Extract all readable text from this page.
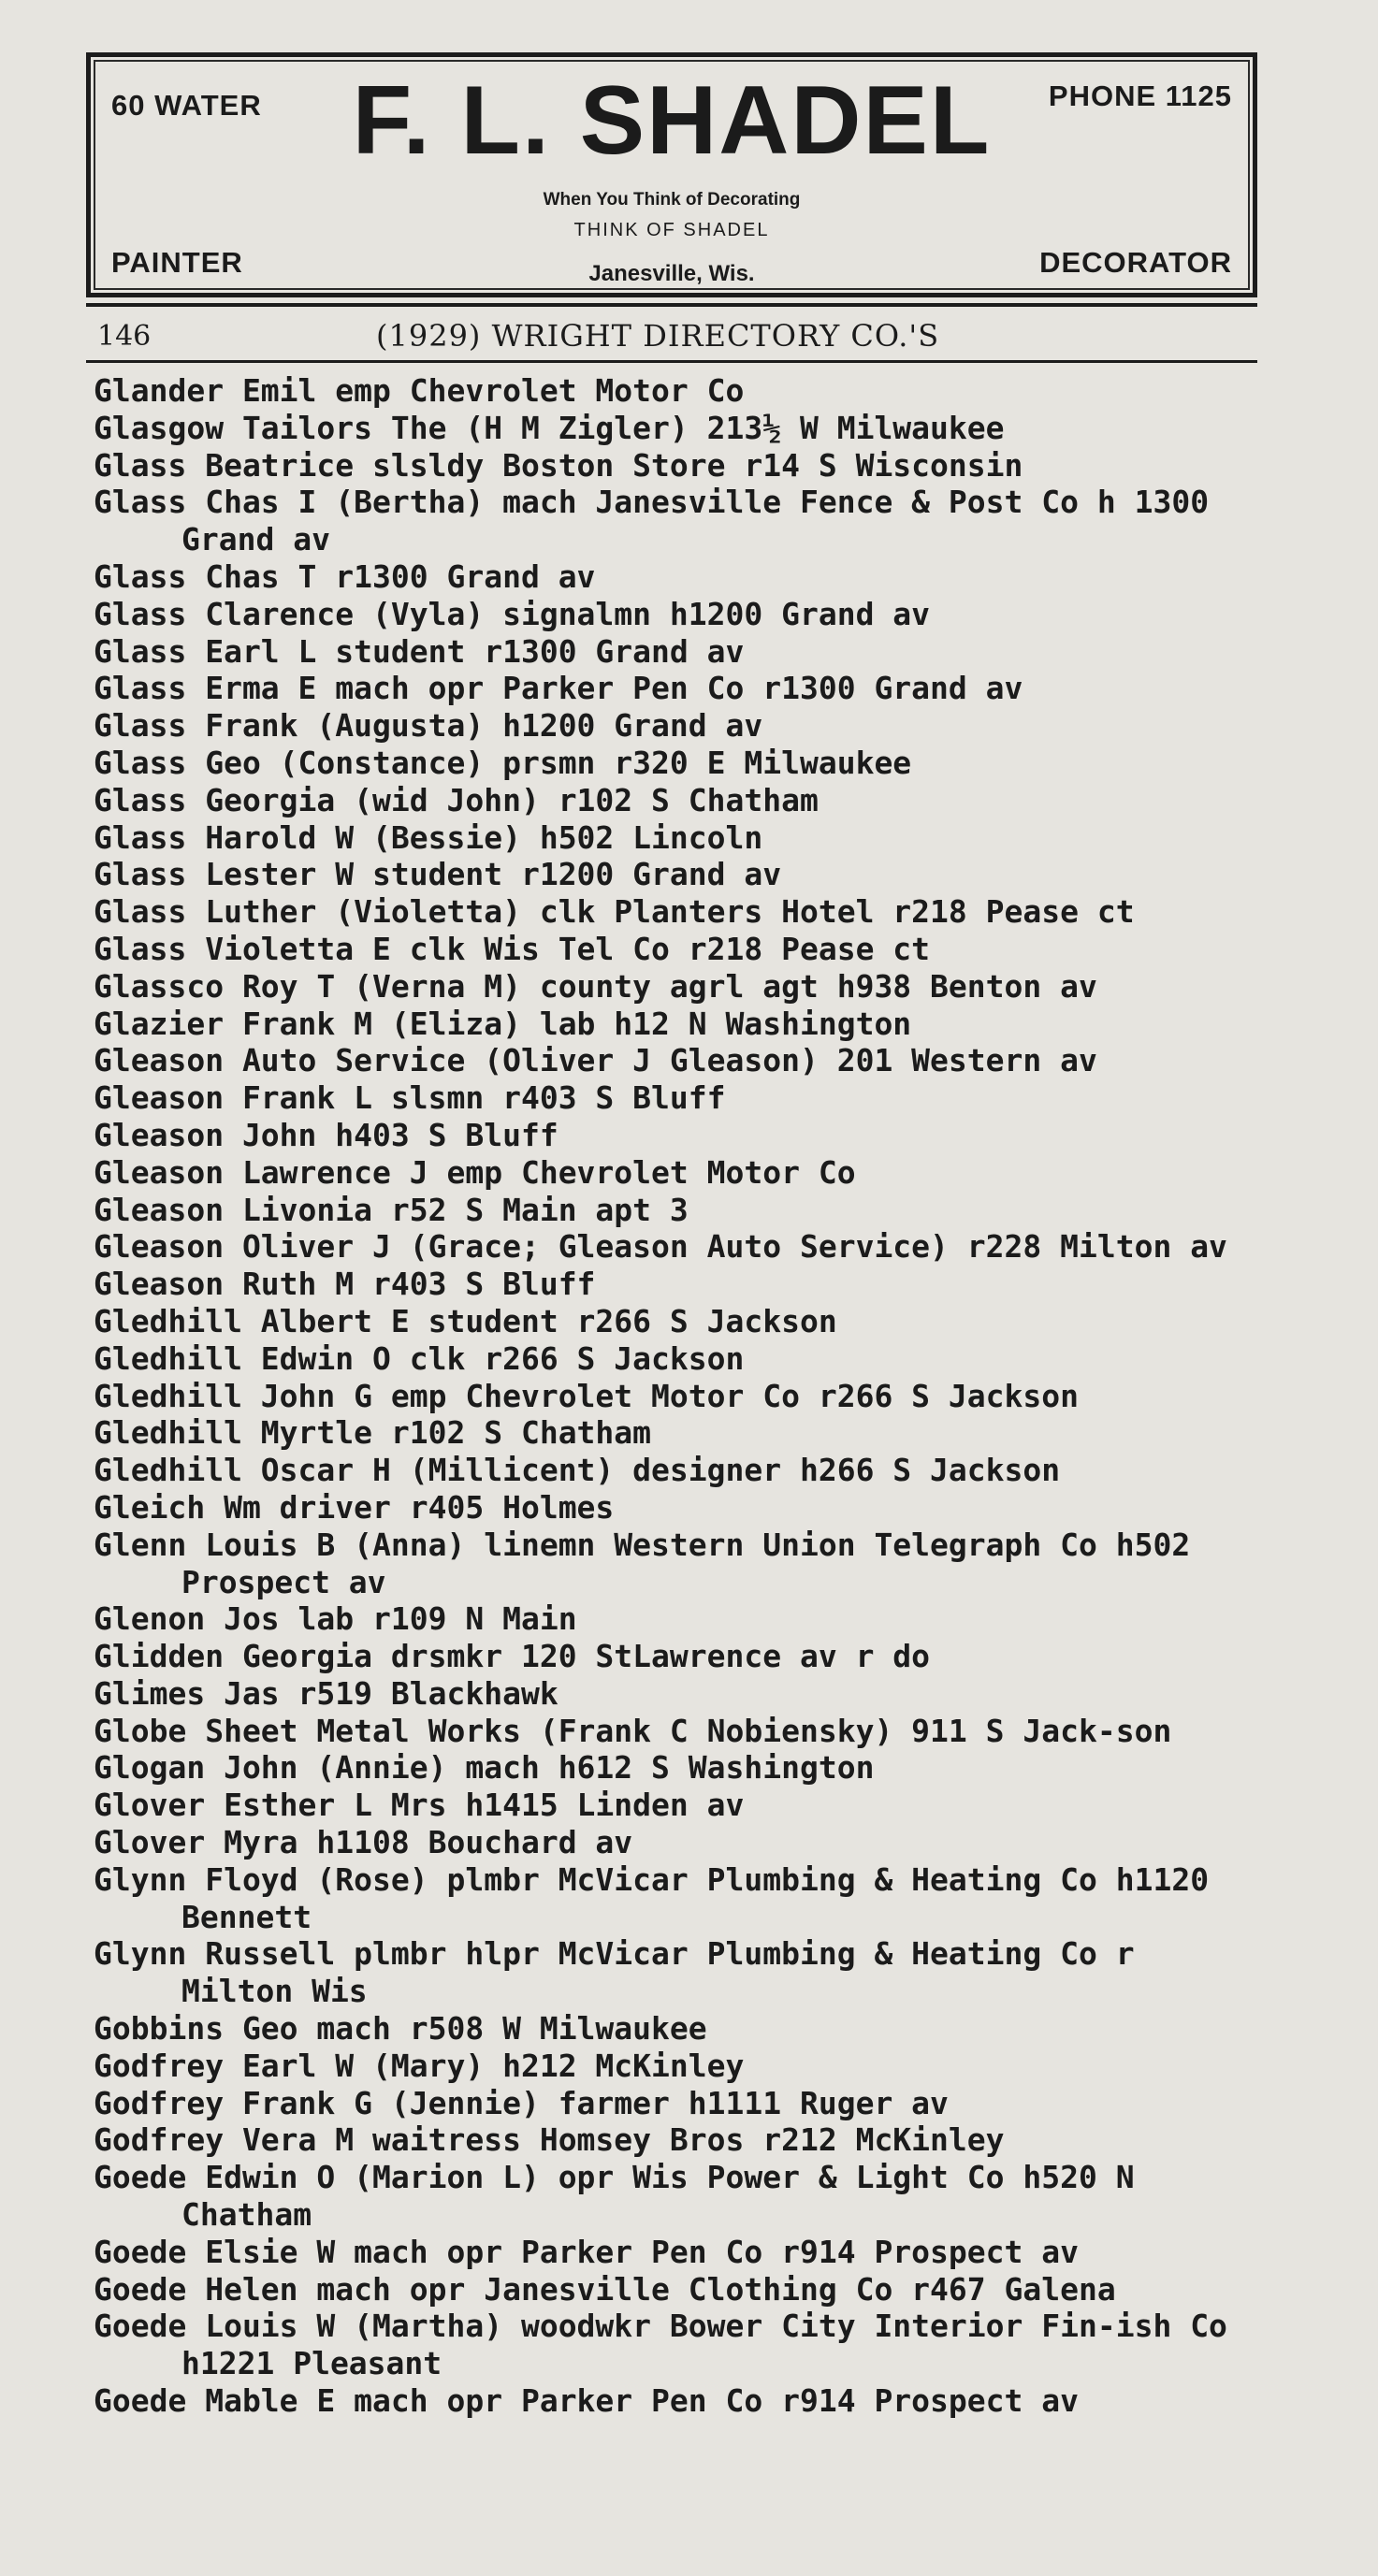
60 WATER	PHONE 1125
F. L. SHADEL
When You Think of Decorating
THINK OF SHADEL
Janesville, Wis.
PAINTER	DECORATOR
146	(1929) WRIGHT DIRECTORY CO.'S
Glander Emil emp Chevrolet Motor Co
Glasgow Tailors The (H M Zigler) 213½ W Milwaukee
Glass Beatrice slsldy Boston Store r14 S Wisconsin
Glass Chas I (Bertha) mach Janesville Fence & Post Co h 1300 Grand av
Glass Chas T r1300 Grand av
Glass Clarence (Vyla) signalmn h1200 Grand av
Glass Earl L student r1300 Grand av
Glass Erma E mach opr Parker Pen Co r1300 Grand av
Glass Frank (Augusta) h1200 Grand av
Glass Geo (Constance) prsmn r320 E Milwaukee
Glass Georgia (wid John) r102 S Chatham
Glass Harold W (Bessie) h502 Lincoln
Glass Lester W student r1200 Grand av
Glass Luther (Violetta) clk Planters Hotel r218 Pease ct
Glass Violetta E clk Wis Tel Co r218 Pease ct
Glassco Roy T (Verna M) county agrl agt h938 Benton av
Glazier Frank M (Eliza) lab h12 N Washington
Gleason Auto Service (Oliver J Gleason) 201 Western av
Gleason Frank L slsmn r403 S Bluff
Gleason John h403 S Bluff
Gleason Lawrence J emp Chevrolet Motor Co
Gleason Livonia r52 S Main apt 3
Gleason Oliver J (Grace; Gleason Auto Service) r228 Milton av
Gleason Ruth M r403 S Bluff
Gledhill Albert E student r266 S Jackson
Gledhill Edwin O clk r266 S Jackson
Gledhill John G emp Chevrolet Motor Co r266 S Jackson
Gledhill Myrtle r102 S Chatham
Gledhill Oscar H (Millicent) designer h266 S Jackson
Gleich Wm driver r405 Holmes
Glenn Louis B (Anna) linemn Western Union Telegraph Co h502 Prospect av
Glenon Jos lab r109 N Main
Glidden Georgia drsmkr 120 StLawrence av r do
Glimes Jas r519 Blackhawk
Globe Sheet Metal Works (Frank C Nobiensky) 911 S Jack-son
Glogan John (Annie) mach h612 S Washington
Glover Esther L Mrs h1415 Linden av
Glover Myra h1108 Bouchard av
Glynn Floyd (Rose) plmbr McVicar Plumbing & Heating Co h1120 Bennett
Glynn Russell plmbr hlpr McVicar Plumbing & Heating Co r Milton Wis
Gobbins Geo mach r508 W Milwaukee
Godfrey Earl W (Mary) h212 McKinley
Godfrey Frank G (Jennie) farmer h1111 Ruger av
Godfrey Vera M waitress Homsey Bros r212 McKinley
Goede Edwin O (Marion L) opr Wis Power & Light Co h520 N Chatham
Goede Elsie W mach opr Parker Pen Co r914 Prospect av
Goede Helen mach opr Janesville Clothing Co r467 Galena
Goede Louis W (Martha) woodwkr Bower City Interior Fin-ish Co h1221 Pleasant
Goede Mable E mach opr Parker Pen Co r914 Prospect av
